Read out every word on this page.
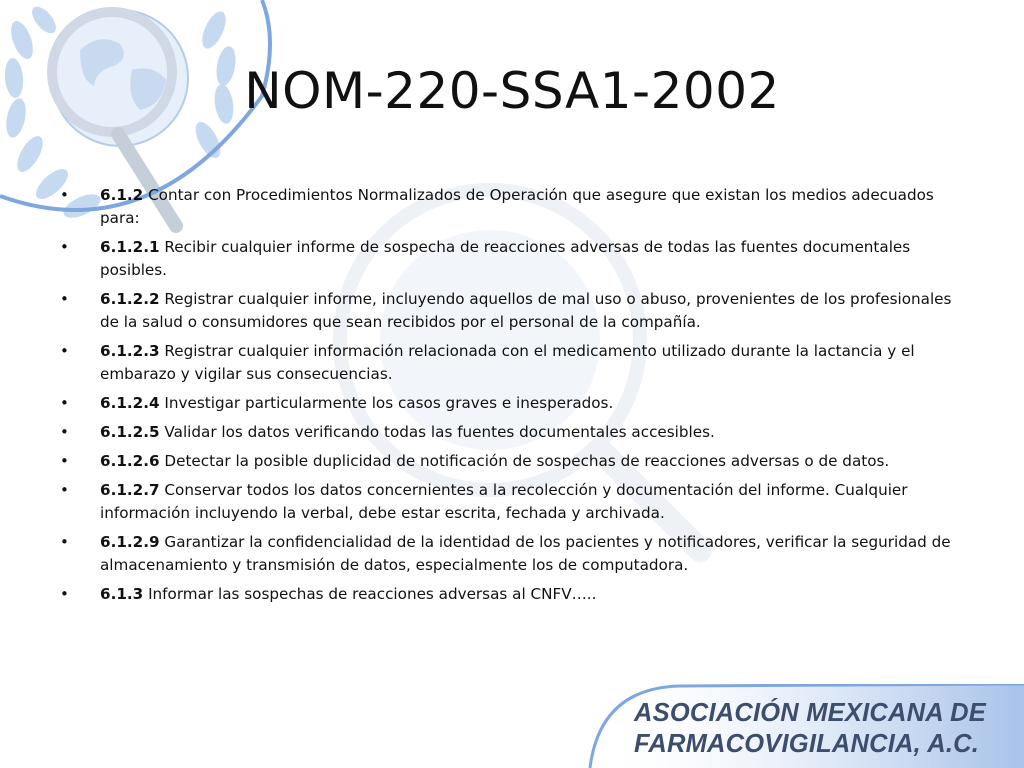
NOM-220-SSA1-2002
•	6.1.2 Contar con Procedimientos Normalizados de Operación que asegure que existan los medios adecuados para:
•	6.1.2.1 Recibir cualquier informe de sospecha de reacciones adversas de todas las fuentes documentales posibles.
•	6.1.2.2 Registrar cualquier informe, incluyendo aquellos de mal uso o abuso, provenientes de los profesionales de la salud o consumidores que sean recibidos por el personal de la compañía.
•	6.1.2.3 Registrar cualquier información relacionada con el medicamento utilizado durante la lactancia y el embarazo y vigilar sus consecuencias.
•	6.1.2.4 Investigar particularmente los casos graves e inesperados.
•	6.1.2.5 Validar los datos verificando todas las fuentes documentales accesibles.
•	6.1.2.6 Detectar la posible duplicidad de notificación de sospechas de reacciones adversas o de datos.
•	6.1.2.7 Conservar todos los datos concernientes a la recolección y documentación del informe. Cualquier información incluyendo la verbal, debe estar escrita, fechada y archivada.
•	6.1.2.9 Garantizar la confidencialidad de la identidad de los pacientes y notificadores, verificar la seguridad de almacenamiento y transmisión de datos, especialmente los de computadora.
•	6.1.3 Informar las sospechas de reacciones adversas al CNFV…..
ASOCIACIÓN MEXICANA DE
FARMACOVIGILANCIA, A.C.
